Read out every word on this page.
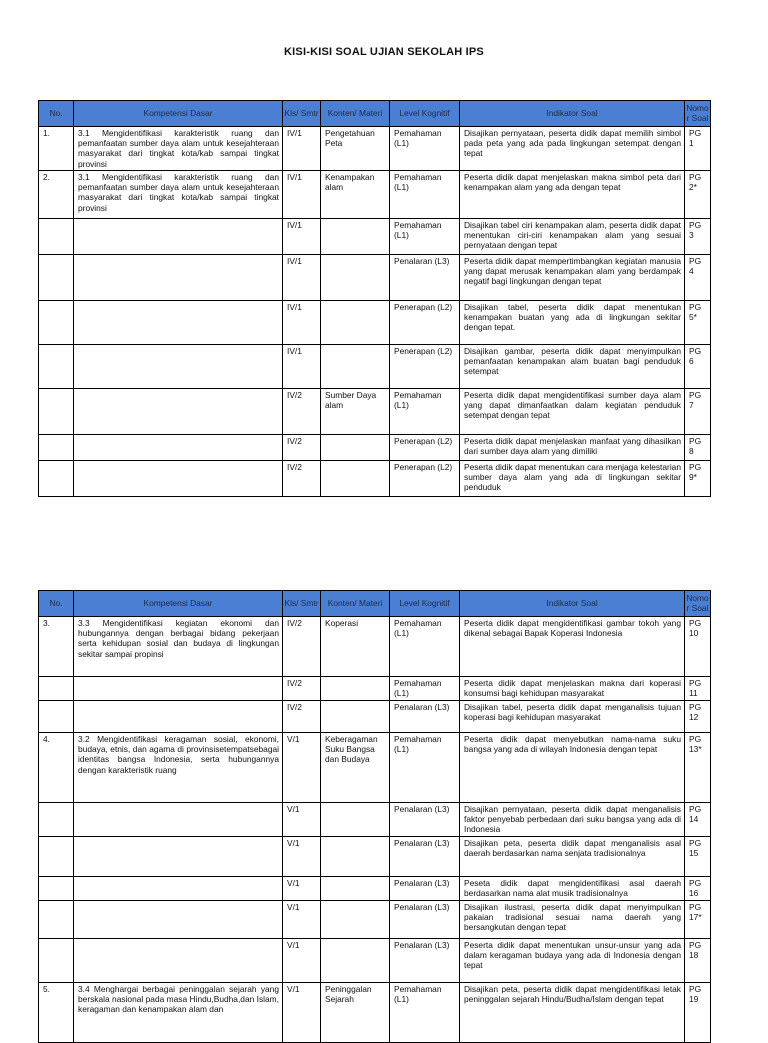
KISI-KISI SOAL UJIAN SEKOLAH IPS
No.	Kompetensi Dasar	Kls/ Smtr	Konten/ Materi	Level Kognitif	Indikator Soal	Nomor Soal
1.	3.1 Mengidentifikasi karakteristik ruang dan pemanfaatan sumber daya alam untuk kesejahteraan masyarakat dari tingkat kota/kab sampai tingkat provinsi	IV/1	Pengetahuan Peta	Pemahaman (L1)	Disajikan pernyataan, peserta didik dapat memilih simbol pada peta yang ada pada lingkungan setempat dengan tepat	PG 1
2.	3.1 Mengidentifikasi karakteristik ruang dan pemanfaatan sumber daya alam untuk kesejahteraan masyarakat dari tingkat kota/kab sampai tingkat provinsi	IV/1	Kenampakan alam	Pemahaman (L1)	Peserta didik dapat menjelaskan makna simbol peta dari kenampakan alam yang ada dengan tepat	PG 2*
		IV/1		Pemahaman (L1)	Disajikan tabel ciri kenampakan alam, peserta didik dapat menentukan ciri-ciri kenampakan alam yang sesuai pernyataan dengan tepat	PG 3
		IV/1		Penalaran (L3)	Peserta didik dapat mempertimbangkan kegiatan manusia yang dapat merusak kenampakan alam yang berdampak negatif bagi lingkungan dengan tepat	PG 4
		IV/1		Penerapan (L2)	Disajikan tabel, peserta didik dapat menentukan kenampakan buatan yang ada di lingkungan sekitar dengan tepat.	PG 5*
		IV/1		Penerapan (L2)	Disajikan gambar, peserta didik dapat menyimpulkan pemanfaatan kenampakan alam buatan bagi penduduk setempat	PG 6
		IV/2	Sumber Daya alam	Pemahaman (L1)	Peserta didik dapat mengidentifikasi sumber daya alam yang dapat dimanfaatkan dalam kegiatan penduduk setempat dengan tepat	PG 7
		IV/2		Penerapan (L2)	Peserta didik dapat menjelaskan manfaat yang dihasilkan dari sumber daya alam yang dimiliki	PG 8
		IV/2		Penerapan (L2)	Peserta didik dapat menentukan cara menjaga kelestarian sumber daya alam yang ada di lingkungan sekitar penduduk	PG 9*
No.	Kompetensi Dasar	Kls/ Smtr	Konten/ Materi	Level Kognitif	Indikator Soal	Nomor Soal
3.	3.3 Mengidentifikasi kegiatan ekonomi dan hubungannya dengan berbagai bidang pekerjaan serta kehidupan sosial dan budaya di lingkungan sekitar sampai propinsi	IV/2	Koperasi	Pemahaman (L1)	Peserta didik dapat mengidentifikasi gambar tokoh yang dikenal sebagai Bapak Koperasi Indonesia	PG 10
		IV/2		Pemahaman (L1)	Peserta didik dapat menjelaskan makna dari koperasi konsumsi bagi kehidupan masyarakat	PG 11
		IV/2		Penalaran (L3)	Disajikan tabel, peserta didik dapat menganalisis tujuan koperasi bagi kehidupan masyarakat	PG 12
4.	3.2 Mengidentifikasi keragaman sosial, ekonomi, budaya, etnis, dan agama di provinsisetempatsebagai identitas bangsa Indonesia, serta hubungannya dengan karakteristik ruang	V/1	Keberagaman Suku Bangsa dan Budaya	Pemahaman (L1)	Peserta didik dapat menyebutkan nama-nama suku bangsa yang ada di wilayah Indonesia dengan tepat	PG 13*
		V/1		Penalaran (L3)	Disajikan pernyataan, peserta didik dapat menganalisis faktor penyebab perbedaan dari suku bangsa yang ada di Indonesia	PG 14
		V/1		Penalaran (L3)	Disajikan peta, peserta didik dapat menganalisis asal daerah berdasarkan nama senjata tradisionalnya	PG 15
		V/1		Penalaran (L3)	Peseta didik dapat mengidentifikasi asal daerah berdasarkan nama alat musik tradisionalnya	PG 16
		V/1		Penalaran (L3)	Disajikan ilustrasi, peserta didik dapat menyimpulkan pakaian tradisional sesuai nama daerah yang bersangkutan dengan tepat	PG 17*
		V/1		Penalaran (L3)	Peserta didik dapat menentukan unsur-unsur yang ada dalam keragaman budaya yang ada di Indonesia dengan tepat	PG 18
5.	3.4 Menghargai berbagai peninggalan sejarah yang berskala nasional pada masa Hindu,Budha,dan Islam, keragaman dan kenampakan alam dan	V/1	Peninggalan Sejarah	Pemahaman (L1)	Disajikan peta, peserta didik dapat mengidentifikasi letak peninggalan sejarah Hindu/Budha/Islam dengan tepat	PG 19
